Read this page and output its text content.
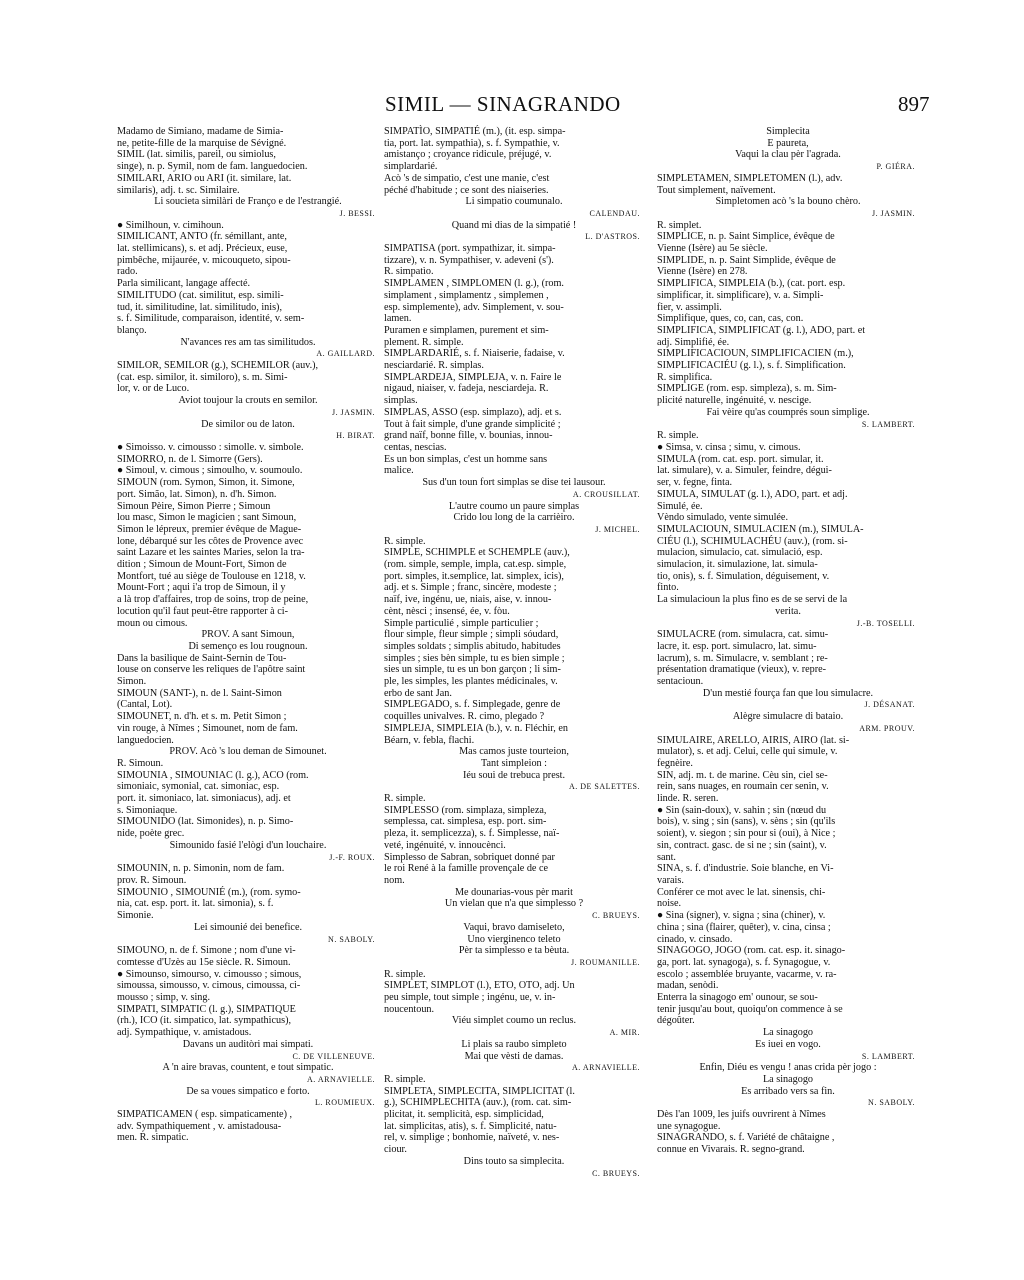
SIMIL — SINAGRANDO	897

Madamo de Simiano, madame de Simia-

ne, petite-fille de la marquise de Sévigné.

SIMIL (lat. similis, pareil, ou simiolus,

singe), n. p. Symil, nom de fam. languedocien.

SIMILARI, ARIO ou ARI (it. similare, lat.

similaris), adj. t. sc. Similaire.

Li soucieta similàri de Franço e de l'estrangié.

J. BESSI.

● Similhoun, v. cimihoun.

SIMILICANT, ANTO (fr. sémillant, ante,

lat. stellimicans), s. et adj. Précieux, euse,

pimbêche, mijaurée, v. micouqueto, sipou-

rado.

Parla similicant, langage affecté.

SIMILITUDO (cat. similitut, esp. simili-

tud, it. similitudine, lat. similitudo, inis),

s. f. Similitude, comparaison, identité, v. sem-

blanço.

N'avances res am tas similitudos.

A. GAILLARD.

SIMILOR, SEMILOR (g.), SCHEMILOR (auv.),

(cat. esp. similor, it. similoro), s. m. Simi-

lor, v. or de Luco.

Aviot toujour la crouts en semilor.

J. JASMIN.

De similor ou de laton.

H. BIRAT.

● Simoisso. v. cimousso : simolle. v. simbole.

SIMORRO, n. de l. Simorre (Gers).

● Simoul, v. cimous ; simoulho, v. soumoulo.

SIMOUN (rom. Symon, Simon, it. Simone,

port. Simão, lat. Simon), n. d'h. Simon.

Simoun Pèire, Simon Pierre ; Simoun

lou masc, Simon le magicien ; sant Simoun,

Simon le lépreux, premier évêque de Mague-

lone, débarqué sur les côtes de Provence avec

saint Lazare et les saintes Maries, selon la tra-

dition ; Simoun de Mount-Fort, Simon de

Montfort, tué au siège de Toulouse en 1218, v.

Mount-Fort ; aqui i'a trop de Simoun, il y

a là trop d'affaires, trop de soins, trop de peine,

locution qu'il faut peut-être rapporter à ci-

moun ou cimous.

PROV. A sant Simoun,

Di semenço es lou rougnoun.

Dans la basilique de Saint-Sernin de Tou-

louse on conserve les reliques de l'apôtre saint

Simon.

SIMOUN (SANT-), n. de l. Saint-Simon

(Cantal, Lot).

SIMOUNET, n. d'h. et s. m. Petit Simon ;

vin rouge, à Nîmes ; Simounet, nom de fam.

languedocien.

PROV. Acò 's lou deman de Simounet.

R. Simoun.

SIMOUNIA , SIMOUNIAC (l. g.), ACO (rom.

simoniaic, symonial, cat. simoniac, esp.

port. it. simoniaco, lat. simoniacus), adj. et

s. Simoniaque.

SIMOUNIDO (lat. Simonides), n. p. Simo-

nide, poète grec.

Simounido fasié l'elògi d'un louchaire.

J.-F. ROUX.

SIMOUNIN, n. p. Simonin, nom de fam.

prov. R. Simoun.

SIMOUNIO , SIMOUNIÉ (m.), (rom. symo-

nia, cat. esp. port. it. lat. simonia), s. f.

Simonie.

Lei simounié dei benefice.

N. SABOLY.

SIMOUNO, n. de f. Simone ; nom d'une vi-

comtesse d'Uzès au 15e siècle. R. Simoun.

● Simounso, simourso, v. cimousso ; simous,

simoussa, simousso, v. cimous, cimoussa, ci-

mousso ; simp, v. sing.

SIMPATI, SIMPATIC (l. g.), SIMPATIQUE

(rh.), ICO (it. simpatico, lat. sympathicus),

adj. Sympathique, v. amistadous.

Davans un auditòri mai simpati.

C. DE VILLENEUVE.

A 'n aire bravas, countent, e tout simpatic.

A. ARNAVIELLE.

De sa voues simpatico e forto.

L. ROUMIEUX.

SIMPATICAMEN ( esp. simpaticamente) ,

adv. Sympathiquement , v. amistadousa-

men. R. simpatic.

SIMPATÌO, SIMPATIÉ (m.), (it. esp. simpa-

tia, port. lat. sympathia), s. f. Sympathie, v.

amistanço ; croyance ridicule, préjugé, v.

simplardarié.

Acò 's de simpatìo, c'est une manie, c'est

péché d'habitude ; ce sont des niaiseries.

Li simpatìo coumunalo.

CALENDAU.

Quand mi dias de la simpatié !

L. D'ASTROS.

SIMPATISA (port. sympathizar, it. simpa-

tizzare), v. n. Sympathiser, v. adeveni (s').

R. simpatìo.

SIMPLAMEN , SIMPLOMEN (l. g.), (rom.

simplament , simplamentz , simplemen ,

esp. simplemente), adv. Simplement, v. sou-

lamen.

Puramen e simplamen, purement et sim-

plement. R. simple.

SIMPLARDARIÉ, s. f. Niaiserie, fadaise, v.

nesciardarié. R. simplas.

SIMPLARDEJA, SIMPLEJA, v. n. Faire le

nigaud, niaiser, v. fadeja, nesciardeja. R.

simplas.

SIMPLAS, ASSO (esp. simplazo), adj. et s.

Tout à fait simple, d'une grande simplicité ;

grand naïf, bonne fille, v. bounias, innou-

centas, nescias.

Es un bon simplas, c'est un homme sans

malice.

Sus d'un toun fort simplas se dise tei lausour.

A. CROUSILLAT.

L'autre coumo un paure simplas

Crido lou long de la carrièiro.

J. MICHEL.

R. simple.

SIMPLE, SCHIMPLE et SCHEMPLE (auv.),

(rom. simple, semple, impla, cat.esp. simple,

port. simples, it.semplice, lat. simplex, icis),

adj. et s. Simple ; franc, sincère, modeste ;

naïf, ive, ingénu, ue, niais, aise, v. innou-

cènt, nèsci ; insensé, ée, v. fòu.

Simple particulié , simple particulier ;

flour simple, fleur simple ; simpli sóudard,

simples soldats ; simplis abitudo, habitudes

simples ; sies bèn simple, tu es bien simple ;

sies un simple, tu es un bon garçon ; li sim-

ple, les simples, les plantes médicinales, v.

erbo de sant Jan.

SIMPLEGADO, s. f. Simplegade, genre de

coquilles univalves. R. cimo, plegado ?

SIMPLEJA, SIMPLEIA (b.), v. n. Fléchir, en

Béarn, v. febla, flachi.

Mas camos juste tourteion,

Tant simpleion :

Iéu soui de trebuca prest.

A. DE SALETTES.

R. simple.

SIMPLESSO (rom. simplaza, simpleza,

semplessa, cat. simplesa, esp. port. sim-

pleza, it. semplicezza), s. f. Simplesse, naï-

veté, ingénuité, v. innoucènci.

Simplesso de Sabran, sobriquet donné par

le roi René à la famille provençale de ce

nom.

Me dounarias-vous pèr marit

Un vielan que n'a que simplesso ?

C. BRUEYS.

Vaqui, bravo damiseleto,

Uno vierginenco teleto

Pèr ta simplesso e ta bèuta.

J. ROUMANILLE.

R. simple.

SIMPLET, SIMPLOT (l.), ETO, OTO, adj. Un

peu simple, tout simple ; ingénu, ue, v. in-

noucentoun.

Viéu simplet coumo un reclus.

A. MIR.

Li plais sa raubo simpleto

Mai que vèsti de damas.

A. ARNAVIELLE.

R. simple.

SIMPLETA, SIMPLECITA, SIMPLICITAT (l.

g.), SCHIMPLECHITA (auv.), (rom. cat. sim-

plicitat, it. semplicità, esp. simplicidad,

lat. simplicitas, atis), s. f. Simplicité, natu-

rel, v. simplige ; bonhomie, naïveté, v. nes-

ciour.

Dins touto sa simplecita.

C. BRUEYS.

Simplecita

E paureta,

Vaqui la clau pèr l'agrada.

P. GIÉRA.

SIMPLETAMEN, SIMPLETOMEN (l.), adv.

Tout simplement, naïvement.

Simpletomen acò 's la bouno chèro.

J. JASMIN.

R. simplet.

SIMPLICE, n. p. Saint Simplice, évêque de

Vienne (Isère) au 5e siècle.

SIMPLIDE, n. p. Saint Simplide, évêque de

Vienne (Isère) en 278.

SIMPLIFICA, SIMPLEIA (b.), (cat. port. esp.

simplificar, it. simplificare), v. a. Simpli-

fier, v. assimpli.

Simplifique, ques, co, can, cas, con.

SIMPLIFICA, SIMPLIFICAT (g. l.), ADO, part. et

adj. Simplifié, ée.

SIMPLIFICACIOUN, SIMPLIFICACIEN (m.),

SIMPLIFICACIÉU (g. l.), s. f. Simplification.

R. simplifica.

SIMPLIGE (rom. esp. simpleza), s. m. Sim-

plicité naturelle, ingénuité, v. nescige.

Fai vèire qu'as coumprés soun simplige.

S. LAMBERT.

R. simple.

● Simsa, v. cinsa ; simu, v. cimous.

SIMULA (rom. cat. esp. port. simular, it.

lat. simulare), v. a. Simuler, feindre, dégui-

ser, v. fegne, finta.

SIMULA, SIMULAT (g. l.), ADO, part. et adj.

Simulé, ée.

Vèndo simulado, vente simulée.

SIMULACIOUN, SIMULACIEN (m.), SIMULA-

CIÉU (l.), SCHIMULACHÉU (auv.), (rom. si-

mulacion, simulacio, cat. simulació, esp.

simulacion, it. simulazione, lat. simula-

tio, onis), s. f. Simulation, déguisement, v.

finto.

La simulacioun la plus fino es de se servi de la

verita.

J.-B. TOSELLI.

SIMULACRE (rom. simulacra, cat. simu-

lacre, it. esp. port. simulacro, lat. simu-

lacrum), s. m. Simulacre, v. semblant ; re-

présentation dramatique (vieux), v. repre-

sentacioun.

D'un mestié fourça fan que lou simulacre.

J. DÉSANAT.

Alègre simulacre di bataio.

ARM. PROUV.

SIMULAIRE, ARELLO, AIRIS, AIRO (lat. si-

mulator), s. et adj. Celui, celle qui simule, v.

fegnèire.

SIN, adj. m. t. de marine. Cèu sin, ciel se-

rein, sans nuages, en roumain cer senin, v.

linde. R. seren.

● Sin (sain-doux), v. sahin ; sin (nœud du

bois), v. sing ; sin (sans), v. sèns ; sin (qu'ils

soient), v. siegon ; sin pour si (oui), à Nice ;

sin, contract. gasc. de si ne ; sin (saint), v.

sant.

SINA, s. f. d'industrie. Soie blanche, en Vi-

varais.

Conférer ce mot avec le lat. sinensis, chi-

noise.

● Sina (signer), v. signa ; sina (chiner), v.

china ; sina (flairer, quêter), v. cina, cinsa ;

cinado, v. cinsado.

SINAGOGO, JOGO (rom. cat. esp. it. sinago-

ga, port. lat. synagoga), s. f. Synagogue, v.

escolo ; assemblée bruyante, vacarme, v. ra-

madan, senòdi.

Enterra la sinagogo em' ounour, se sou-

tenir jusqu'au bout, quoiqu'on commence à se

dégoûter.

La sinagogo

Es iuei en vogo.

S. LAMBERT.

Enfin, Diéu es vengu ! anas crida pèr jogo :

La sinagogo

Es arribado vers sa fin.

N. SABOLY.

Dès l'an 1009, les juifs ouvrirent à Nîmes

une synagogue.

SINAGRANDO, s. f. Variété de châtaigne ,

connue en Vivarais. R. segno-grand.
